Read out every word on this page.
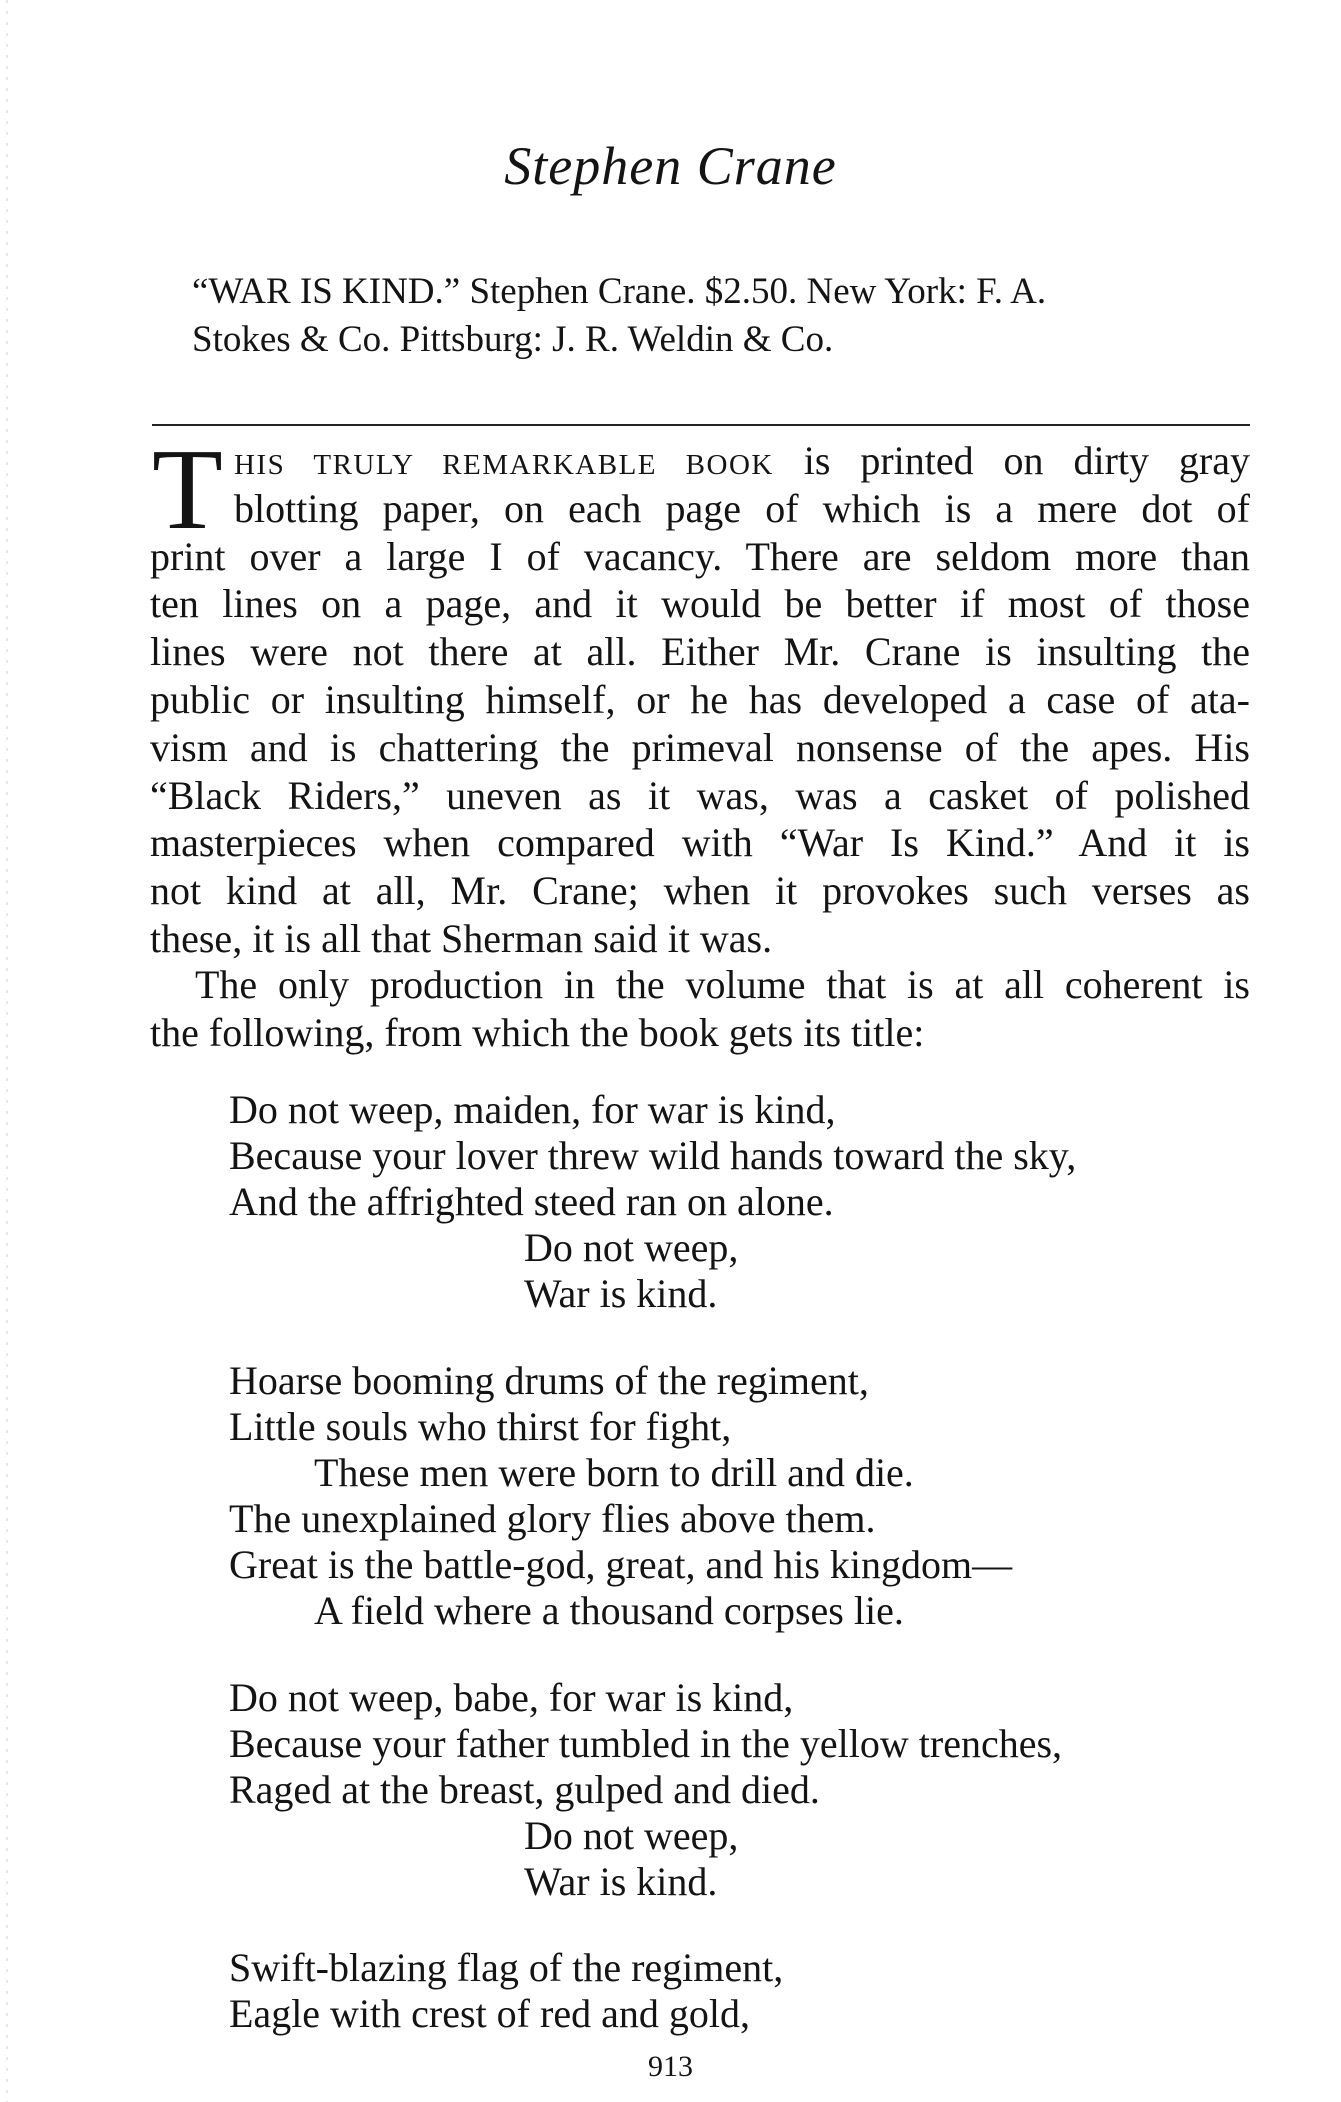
Stephen Crane
“WAR IS KIND.” Stephen Crane. $2.50. New York: F. A.
Stokes & Co. Pittsburg: J. R. Weldin & Co.
T HIS TRULY REMARKABLE BOOK is printed on dirty gray
blotting paper, on each page of which is a mere dot of
print over a large I of vacancy. There are seldom more than
ten lines on a page, and it would be better if most of those
lines were not there at all. Either Mr. Crane is insulting the
public or insulting himself, or he has developed a case of ata-
vism and is chattering the primeval nonsense of the apes. His
“Black Riders,” uneven as it was, was a casket of polished
masterpieces when compared with “War Is Kind.” And it is
not kind at all, Mr. Crane; when it provokes such verses as
these, it is all that Sherman said it was.
The only production in the volume that is at all coherent is
the following, from which the book gets its title:
Do not weep, maiden, for war is kind,
Because your lover threw wild hands toward the sky,
And the affrighted steed ran on alone.
Do not weep,
War is kind.
Hoarse booming drums of the regiment,
Little souls who thirst for fight,
These men were born to drill and die.
The unexplained glory flies above them.
Great is the battle-god, great, and his kingdom—
A field where a thousand corpses lie.
Do not weep, babe, for war is kind,
Because your father tumbled in the yellow trenches,
Raged at the breast, gulped and died.
Do not weep,
War is kind.
Swift-blazing flag of the regiment,
Eagle with crest of red and gold,
913
